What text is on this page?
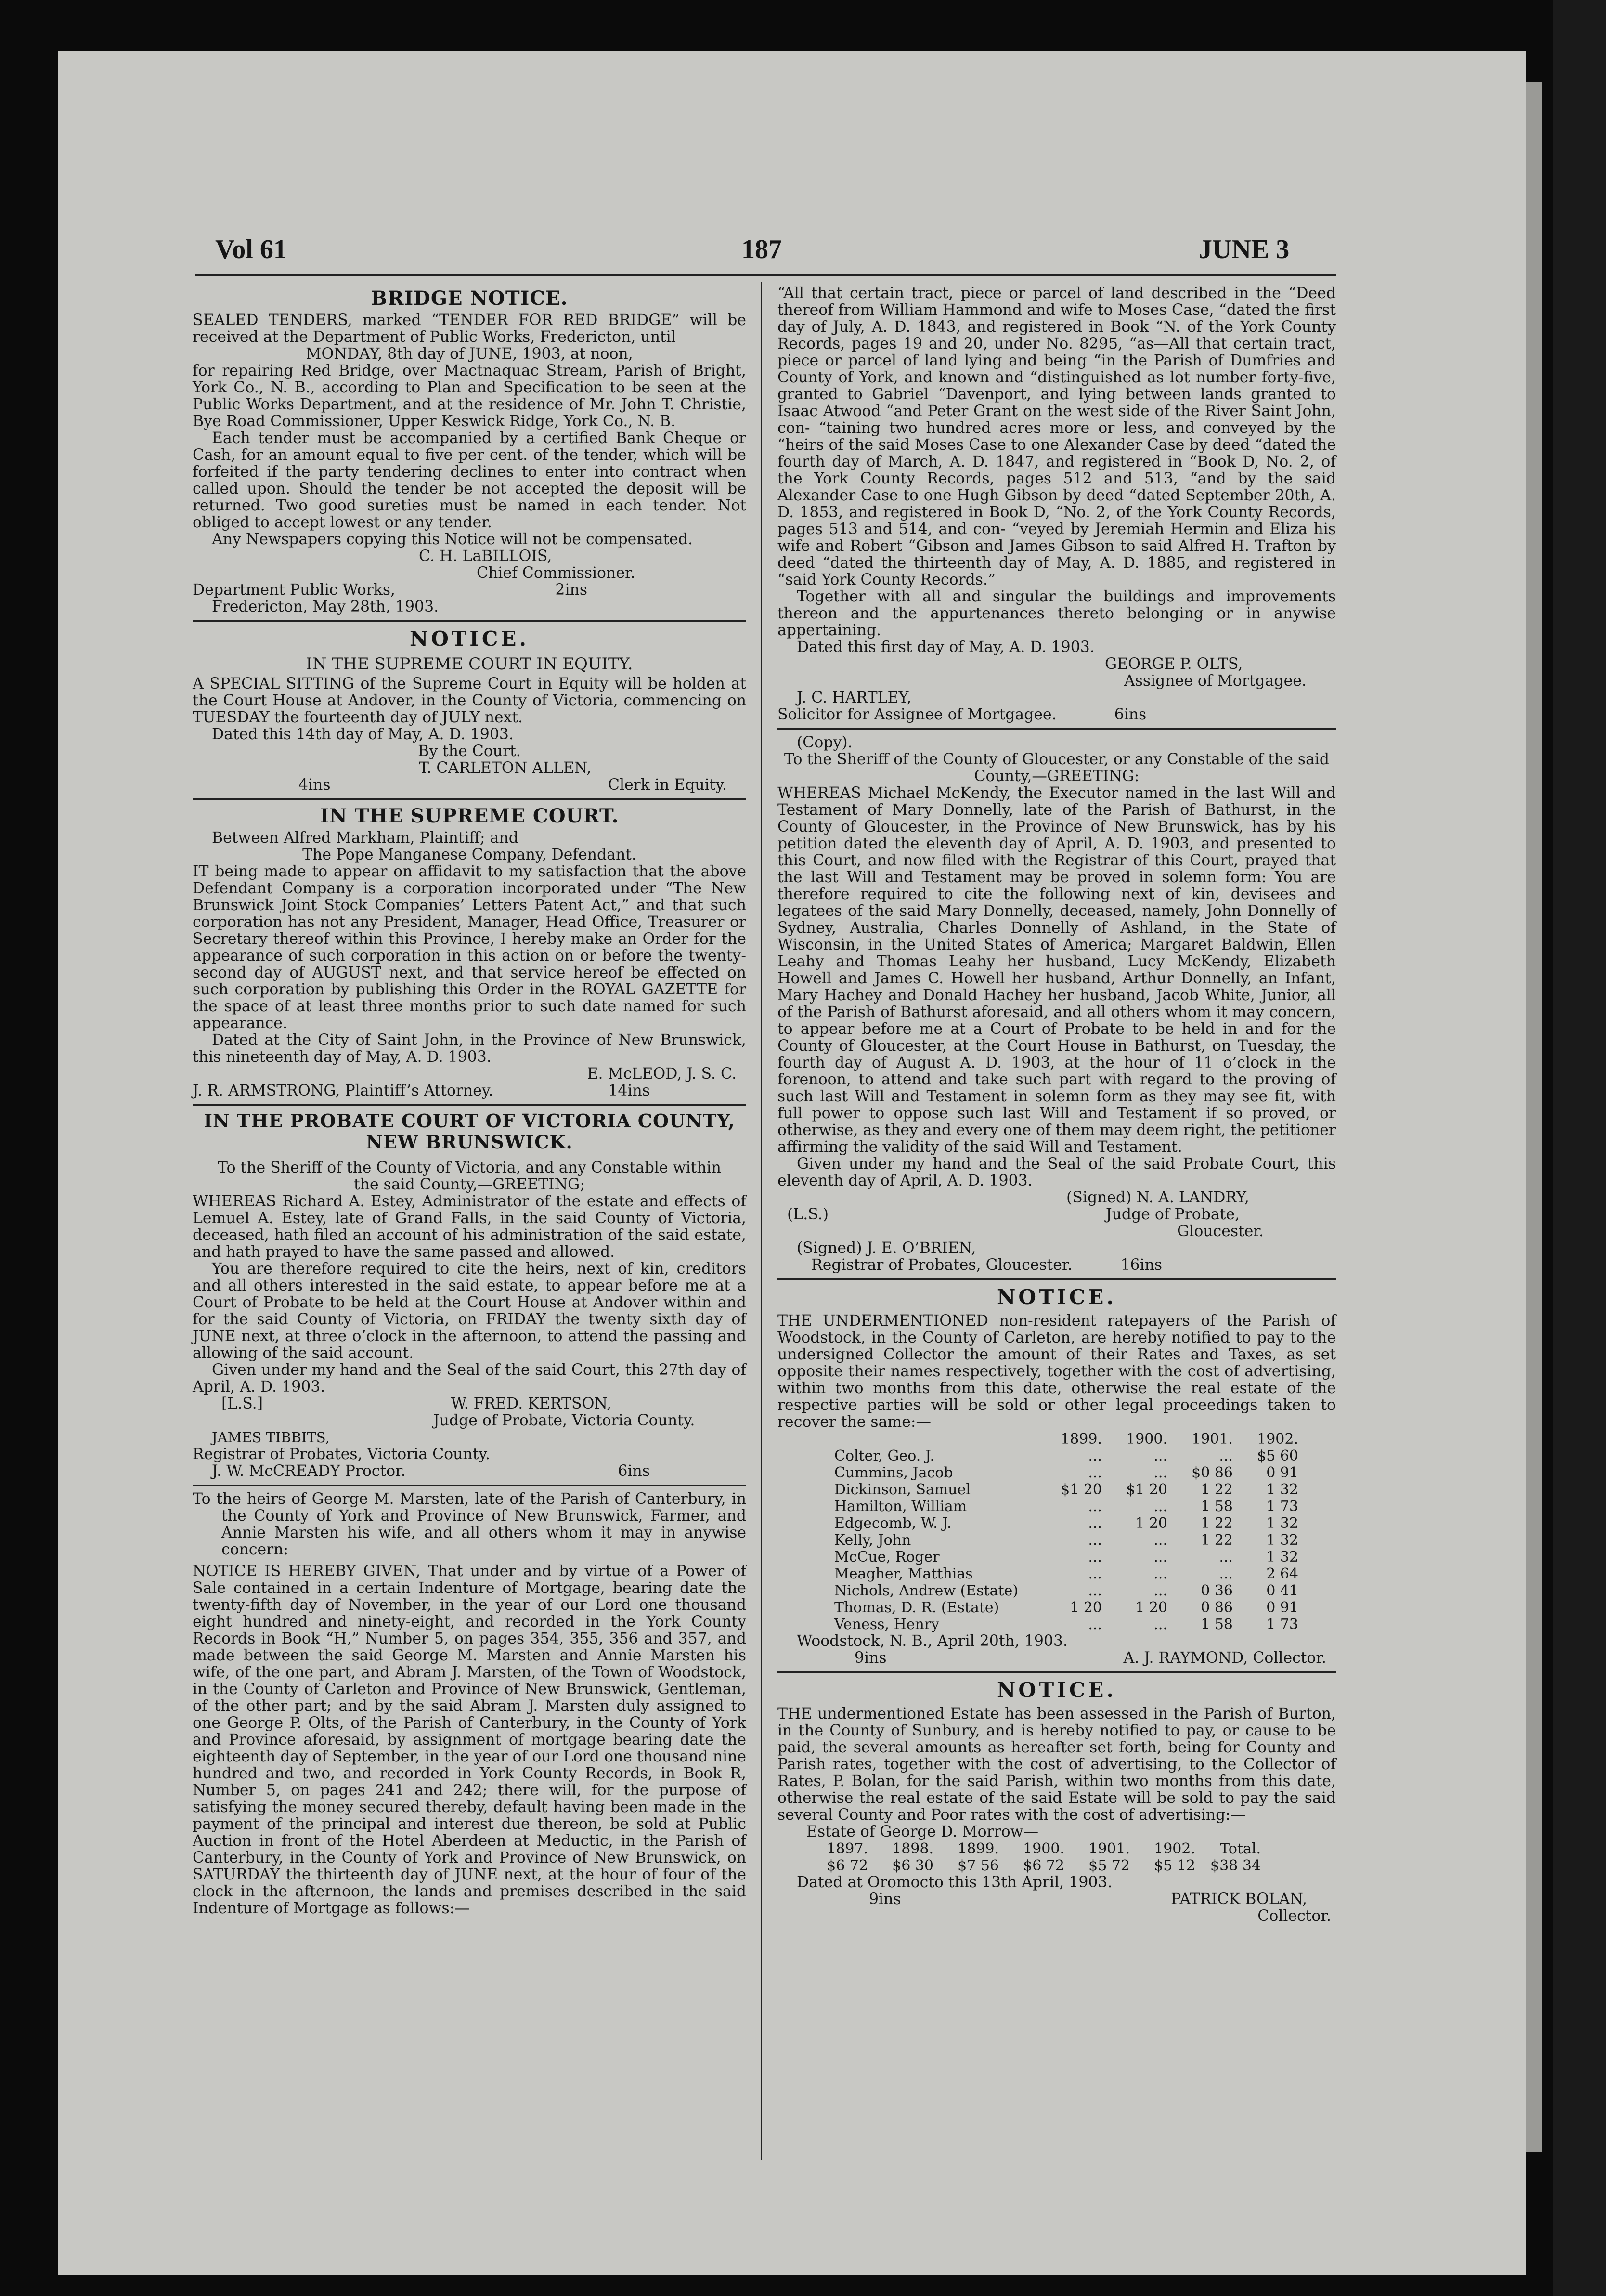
Vol 61	187	JUNE 3
BRIDGE NOTICE.

SEALED TENDERS, marked “TENDER FOR RED BRIDGE” will be received at the Department of Public Works, Fredericton, until

MONDAY, 8th day of JUNE, 1903, at noon,

for repairing Red Bridge, over Mactnaquac Stream, Parish of Bright, York Co., N. B., according to Plan and Specification to be seen at the Public Works Department, and at the residence of Mr. John T. Christie, Bye Road Commissioner, Upper Keswick Ridge, York Co., N. B.

Each tender must be accompanied by a certified Bank Cheque or Cash, for an amount equal to five per cent. of the tender, which will be forfeited if the party tendering declines to enter into contract when called upon. Should the tender be not accepted the deposit will be returned. Two good sureties must be named in each tender. Not obliged to accept lowest or any tender.

Any Newspapers copying this Notice will not be compensated.

C. H. LaBILLOIS,

Chief Commissioner.

Department Public Works,	2ins

Fredericton, May 28th, 1903.

NOTICE.
IN THE SUPREME COURT IN EQUITY.

A SPECIAL SITTING of the Supreme Court in Equity will be holden at the Court House at Andover, in the County of Victoria, commencing on TUESDAY the fourteenth day of JULY next.

Dated this 14th day of May, A. D. 1903.

By the Court.

T. CARLETON ALLEN,

4ins	Clerk in Equity.

IN THE SUPREME COURT.

Between Alfred Markham, Plaintiff; and

The Pope Manganese Company, Defendant.

IT being made to appear on affidavit to my satisfaction that the above Defendant Company is a corporation incorporated under “The New Brunswick Joint Stock Companies’ Letters Patent Act,” and that such corporation has not any President, Manager, Head Office, Treasurer or Secretary thereof within this Province, I hereby make an Order for the appearance of such corporation in this action on or before the twenty-second day of AUGUST next, and that service hereof be effected on such corporation by publishing this Order in the ROYAL GAZETTE for the space of at least three months prior to such date named for such appearance.

Dated at the City of Saint John, in the Province of New Brunswick, this nineteenth day of May, A. D. 1903.

E. McLEOD, J. S. C.

J. R. ARMSTRONG, Plaintiff’s Attorney.	14ins

IN THE PROBATE COURT OF VICTORIA COUNTY, NEW BRUNSWICK.

To the Sheriff of the County of Victoria, and any Constable within the said County,—GREETING;

WHEREAS Richard A. Estey, Administrator of the estate and effects of Lemuel A. Estey, late of Grand Falls, in the said County of Victoria, deceased, hath filed an account of his administration of the said estate, and hath prayed to have the same passed and allowed.

You are therefore required to cite the heirs, next of kin, creditors and all others interested in the said estate, to appear before me at a Court of Probate to be held at the Court House at Andover within and for the said County of Victoria, on FRIDAY the twenty sixth day of JUNE next, at three o’clock in the afternoon, to attend the passing and allowing of the said account.

Given under my hand and the Seal of the said Court, this 27th day of April, A. D. 1903.

[L.S.]	W. FRED. KERTSON,

Judge of Probate, Victoria County.

JAMES TIBBITS,

Registrar of Probates, Victoria County.

J. W. McCREADY Proctor.	6ins

To the heirs of George M. Marsten, late of the Parish of Canterbury, in the County of York and Province of New Brunswick, Farmer, and Annie Marsten his wife, and all others whom it may in anywise concern:

NOTICE IS HEREBY GIVEN, That under and by virtue of a Power of Sale contained in a certain Indenture of Mortgage, bearing date the twenty-fifth day of November, in the year of our Lord one thousand eight hundred and ninety-eight, and recorded in the York County Records in Book “H,” Number 5, on pages 354, 355, 356 and 357, and made between the said George M. Marsten and Annie Marsten his wife, of the one part, and Abram J. Marsten, of the Town of Woodstock, in the County of Carleton and Province of New Brunswick, Gentleman, of the other part; and by the said Abram J. Marsten duly assigned to one George P. Olts, of the Parish of Canterbury, in the County of York and Province aforesaid, by assignment of mortgage bearing date the eighteenth day of September, in the year of our Lord one thousand nine hundred and two, and recorded in York County Records, in Book R, Number 5, on pages 241 and 242; there will, for the purpose of satisfying the money secured thereby, default having been made in the payment of the principal and interest due thereon, be sold at Public Auction in front of the Hotel Aberdeen at Meductic, in the Parish of Canterbury, in the County of York and Province of New Brunswick, on SATURDAY the thirteenth day of JUNE next, at the hour of four of the clock in the afternoon, the lands and premises described in the said Indenture of Mortgage as follows:—

“All that certain tract, piece or parcel of land described in the “Deed thereof from William Hammond and wife to Moses Case, “dated the first day of July, A. D. 1843, and registered in Book “N. of the York County Records, pages 19 and 20, under No. 8295, “as—All that certain tract, piece or parcel of land lying and being “in the Parish of Dumfries and County of York, and known and “distinguished as lot number forty-five, granted to Gabriel “Davenport, and lying between lands granted to Isaac Atwood “and Peter Grant on the west side of the River Saint John, con- “taining two hundred acres more or less, and conveyed by the “heirs of the said Moses Case to one Alexander Case by deed “dated the fourth day of March, A. D. 1847, and registered in “Book D, No. 2, of the York County Records, pages 512 and 513, “and by the said Alexander Case to one Hugh Gibson by deed “dated September 20th, A. D. 1853, and registered in Book D, “No. 2, of the York County Records, pages 513 and 514, and con- “veyed by Jeremiah Hermin and Eliza his wife and Robert “Gibson and James Gibson to said Alfred H. Trafton by deed “dated the thirteenth day of May, A. D. 1885, and registered in “said York County Records.”

Together with all and singular the buildings and improvements thereon and the appurtenances thereto belonging or in anywise appertaining.

Dated this first day of May, A. D. 1903.

GEORGE P. OLTS,

Assignee of Mortgagee.

J. C. HARTLEY,

Solicitor for Assignee of Mortgagee.	6ins

(Copy).

To the Sheriff of the County of Gloucester, or any Constable of the said County,—GREETING:

WHEREAS Michael McKendy, the Executor named in the last Will and Testament of Mary Donnelly, late of the Parish of Bathurst, in the County of Gloucester, in the Province of New Brunswick, has by his petition dated the eleventh day of April, A. D. 1903, and presented to this Court, and now filed with the Registrar of this Court, prayed that the last Will and Testament may be proved in solemn form: You are therefore required to cite the following next of kin, devisees and legatees of the said Mary Donnelly, deceased, namely, John Donnelly of Sydney, Australia, Charles Donnelly of Ashland, in the State of Wisconsin, in the United States of America; Margaret Baldwin, Ellen Leahy and Thomas Leahy her husband, Lucy McKendy, Elizabeth Howell and James C. Howell her husband, Arthur Donnelly, an Infant, Mary Hachey and Donald Hachey her husband, Jacob White, Junior, all of the Parish of Bathurst aforesaid, and all others whom it may concern, to appear before me at a Court of Probate to be held in and for the County of Gloucester, at the Court House in Bathurst, on Tuesday, the fourth day of August A. D. 1903, at the hour of 11 o’clock in the forenoon, to attend and take such part with regard to the proving of such last Will and Testament in solemn form as they may see fit, with full power to oppose such last Will and Testament if so proved, or otherwise, as they and every one of them may deem right, the petitioner affirming the validity of the said Will and Testament.

Given under my hand and the Seal of the said Probate Court, this eleventh day of April, A. D. 1903.

(Signed) N. A. LANDRY,

(L.S.)	Judge of Probate,

Gloucester.

(Signed) J. E. O’BRIEN,

Registrar of Probates, Gloucester.	16ins

NOTICE.

THE UNDERMENTIONED non-resident ratepayers of the Parish of Woodstock, in the County of Carleton, are hereby notified to pay to the undersigned Collector the amount of their Rates and Taxes, as set opposite their names respectively, together with the cost of advertising, within two months from this date, otherwise the real estate of the respective parties will be sold or other legal proceedings taken to recover the same:—

	1899.	1900.	1901.	1902.
Colter, Geo. J.	...	...	...	$5 60
Cummins, Jacob	...	...	$0 86	0 91
Dickinson, Samuel	$1 20	$1 20	1 22	1 32
Hamilton, William	...	...	1 58	1 73
Edgecomb, W. J.	...	1 20	1 22	1 32
Kelly, John	...	...	1 22	1 32
McCue, Roger	...	...	...	1 32
Meagher, Matthias	...	...	...	2 64
Nichols, Andrew (Estate)	...	...	0 36	0 41
Thomas, D. R. (Estate)	1 20	1 20	0 86	0 91
Veness, Henry	...	...	1 58	1 73

Woodstock, N. B., April 20th, 1903.

9ins	A. J. RAYMOND, Collector.

NOTICE.

THE undermentioned Estate has been assessed in the Parish of Burton, in the County of Sunbury, and is hereby notified to pay, or cause to be paid, the several amounts as hereafter set forth, being for County and Parish rates, together with the cost of advertising, to the Collector of Rates, P. Bolan, for the said Parish, within two months from this date, otherwise the real estate of the said Estate will be sold to pay the said several County and Poor rates with the cost of advertising:—

Estate of George D. Morrow—

1897.	1898.	1899.	1900.	1901.	1902.	Total.
$6 72	$6 30	$7 56	$6 72	$5 72	$5 12	$38 34

Dated at Oromocto this 13th April, 1903.

9ins	PATRICK BOLAN,

Collector.
